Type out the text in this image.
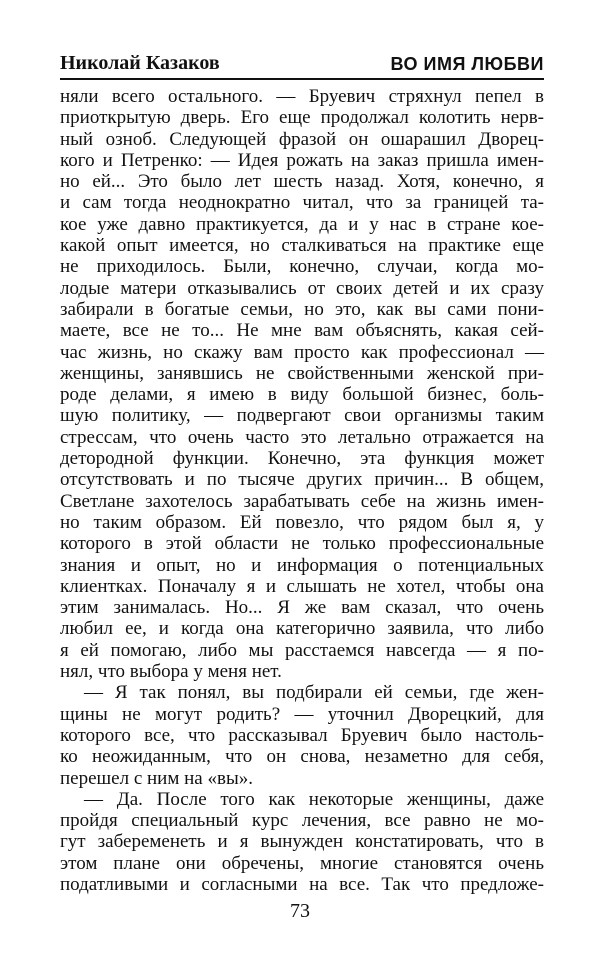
Николай Казаков	ВО ИМЯ ЛЮБВИ
няли всего остального. — Бруевич стряхнул пепел в
приоткрытую дверь. Его еще продолжал колотить нерв-
ный озноб. Следующей фразой он ошарашил Дворец-
кого и Петренко: — Идея рожать на заказ пришла имен-
но ей... Это было лет шесть назад. Хотя, конечно, я
и сам тогда неоднократно читал, что за границей та-
кое уже давно практикуется, да и у нас в стране кое-
какой опыт имеется, но сталкиваться на практике еще
не приходилось. Были, конечно, случаи, когда мо-
лодые матери отказывались от своих детей и их сразу
забирали в богатые семьи, но это, как вы сами пони-
маете, все не то... Не мне вам объяснять, какая сей-
час жизнь, но скажу вам просто как профессионал —
женщины, занявшись не свойственными женской при-
роде делами, я имею в виду большой бизнес, боль-
шую политику, — подвергают свои организмы таким
стрессам, что очень часто это летально отражается на
детородной функции. Конечно, эта функция может
отсутствовать и по тысяче других причин... В общем,
Светлане захотелось зарабатывать себе на жизнь имен-
но таким образом. Ей повезло, что рядом был я, у
которого в этой области не только профессиональные
знания и опыт, но и информация о потенциальных
клиентках. Поначалу я и слышать не хотел, чтобы она
этим занималась. Но... Я же вам сказал, что очень
любил ее, и когда она категорично заявила, что либо
я ей помогаю, либо мы расстаемся навсегда — я по-
нял, что выбора у меня нет.
— Я так понял, вы подбирали ей семьи, где жен-
щины не могут родить? — уточнил Дворецкий, для
которого все, что рассказывал Бруевич было настоль-
ко неожиданным, что он снова, незаметно для себя,
перешел с ним на «вы».
— Да. После того как некоторые женщины, даже
пройдя специальный курс лечения, все равно не мо-
гут забеременеть и я вынужден констатировать, что в
этом плане они обречены, многие становятся очень
податливыми и согласными на все. Так что предложе-
73
